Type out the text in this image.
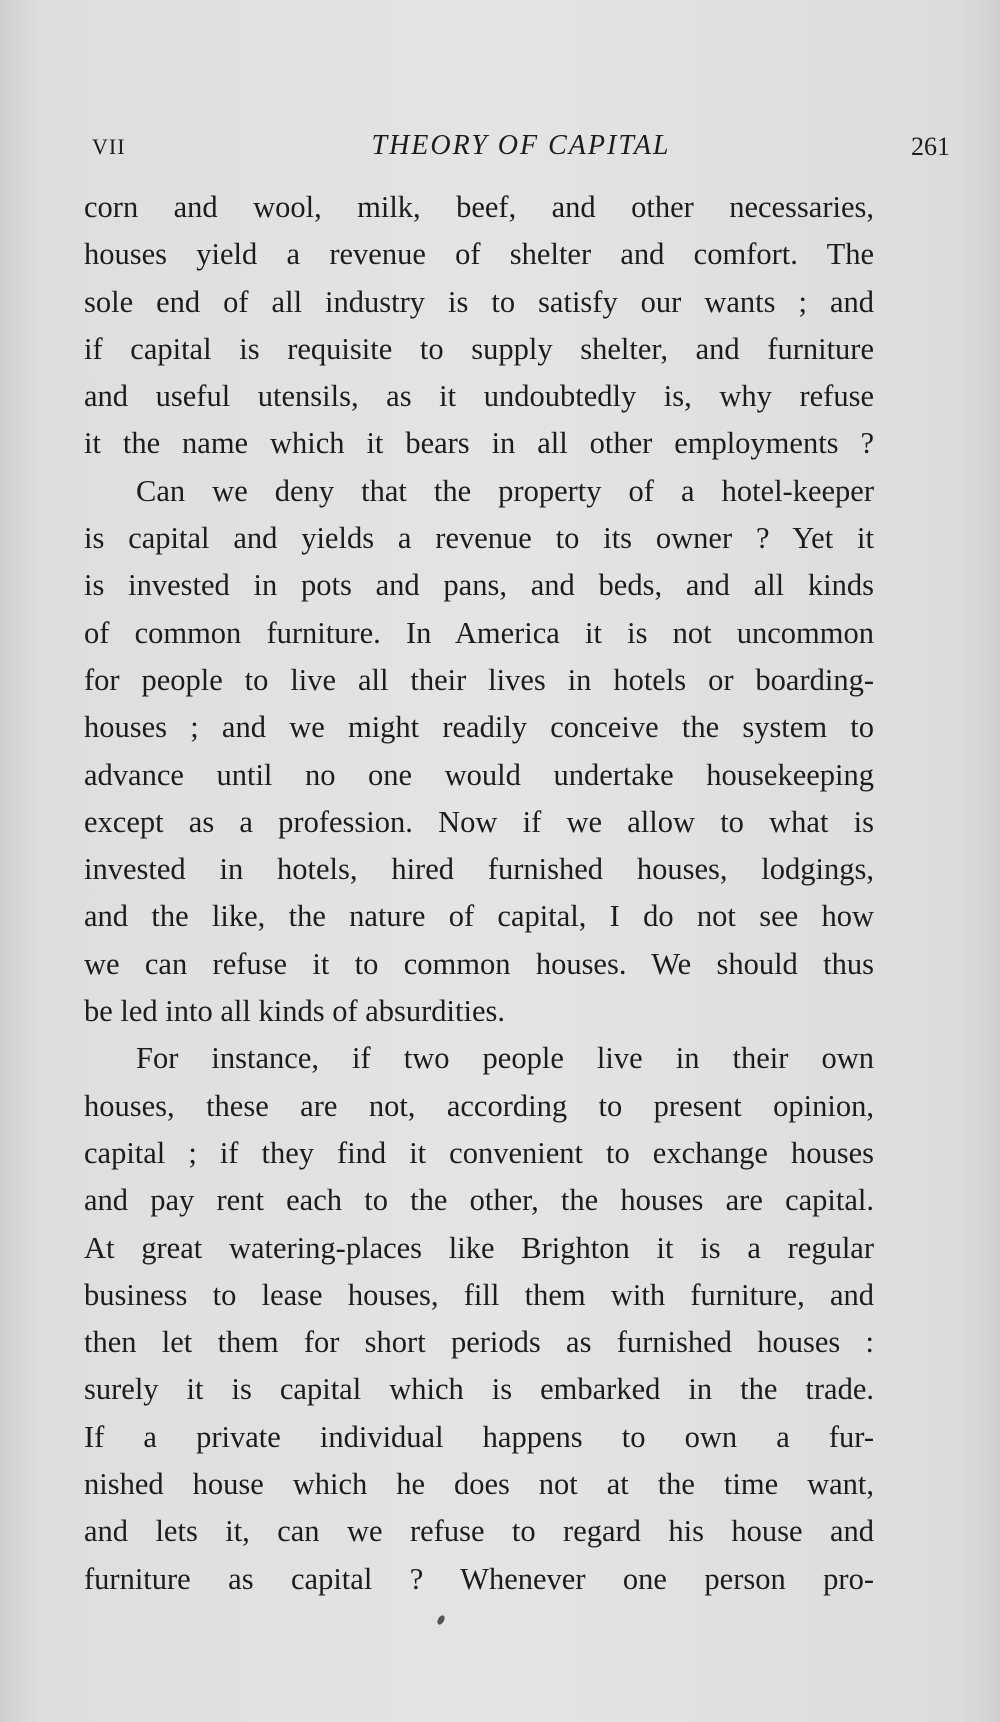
VII	THEORY OF CAPITAL	261
corn and wool, milk, beef, and other necessaries,
houses yield a revenue of shelter and comfort. The
sole end of all industry is to satisfy our wants ; and
if capital is requisite to supply shelter, and furniture
and useful utensils, as it undoubtedly is, why refuse
it the name which it bears in all other employments ?
Can we deny that the property of a hotel-keeper
is capital and yields a revenue to its owner ? Yet it
is invested in pots and pans, and beds, and all kinds
of common furniture. In America it is not uncommon
for people to live all their lives in hotels or boarding-
houses ; and we might readily conceive the system to
advance until no one would undertake housekeeping
except as a profession. Now if we allow to what is
invested in hotels, hired furnished houses, lodgings,
and the like, the nature of capital, I do not see how
we can refuse it to common houses. We should thus
be led into all kinds of absurdities.
For instance, if two people live in their own
houses, these are not, according to present opinion,
capital ; if they find it convenient to exchange houses
and pay rent each to the other, the houses are capital.
At great watering-places like Brighton it is a regular
business to lease houses, fill them with furniture, and
then let them for short periods as furnished houses :
surely it is capital which is embarked in the trade.
If a private individual happens to own a fur-
nished house which he does not at the time want,
and lets it, can we refuse to regard his house and
furniture as capital ? Whenever one person pro-
